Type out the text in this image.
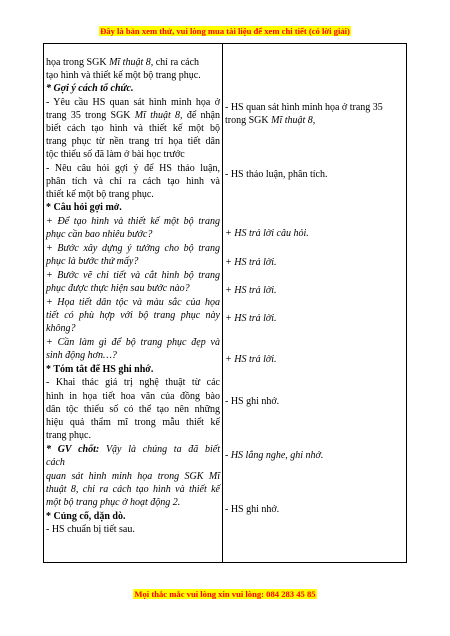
Đây là bản xem thử, vui lòng mua tài liệu để xem chi tiết (có lời giải)
họa trong SGK Mĩ thuật 8, chỉ ra cách
tạo hình và thiết kế một bộ trang phục.
* Gợi ý cách tổ chức.
- Yêu cầu HS quan sát hình minh họa ở
trang 35 trong SGK Mĩ thuật 8, để nhận
biết cách tạo hình và thiết kế một bộ
trang phục từ nền trang trí họa tiết dân
tộc thiểu số đã làm ở bài học trước
- Nêu câu hỏi gợi ý để HS thảo luận,
phân tích và chỉ ra cách tạo hình và
thiết kế một bộ trang phục.
* Câu hỏi gợi mở.
+ Để tạo hình và thiết kế một bộ trang
phục cần bao nhiêu bước?
+ Bước xây dựng ý tưởng cho bộ trang
phục là bước thứ mấy?
+ Bước vẽ chi tiết và cắt hình bộ trang
phục được thực hiện sau bước nào?
+ Họa tiết dân tộc và màu sắc của họa
tiết có phù hợp với bộ trang phục này
không?
+ Cần làm gì để bộ trang phục đẹp và
sinh động hơn…?
* Tóm tắt để HS ghi nhớ.
- Khai thác giá trị nghệ thuật từ các
hình in họa tiết hoa văn của đồng bào
dân tộc thiểu số có thể tạo nên những
hiệu quả thẩm mĩ trong mẫu thiết kế
trang phục.
* GV chốt: Vậy là chúng ta đã biết
cách
quan sát hình minh họa trong SGK Mĩ
thuật 8, chỉ ra cách tạo hình và thiết kế
một bộ trang phục ở hoạt động 2.
* Củng cố, dặn dò.
- HS chuẩn bị tiết sau.
- HS quan sát hình minh họa ở trang 35
trong SGK Mĩ thuật 8,
- HS thảo luận, phân tích.
+ HS trả lời câu hỏi.
+ HS trả lời.
+ HS trả lời.
+ HS trả lời.
+ HS trả lời.
- HS ghi nhớ.
- HS lắng nghe, ghi nhớ.
- HS ghi nhớ.
Mọi thắc mắc vui lòng xin vui lòng: 084 283 45 85
